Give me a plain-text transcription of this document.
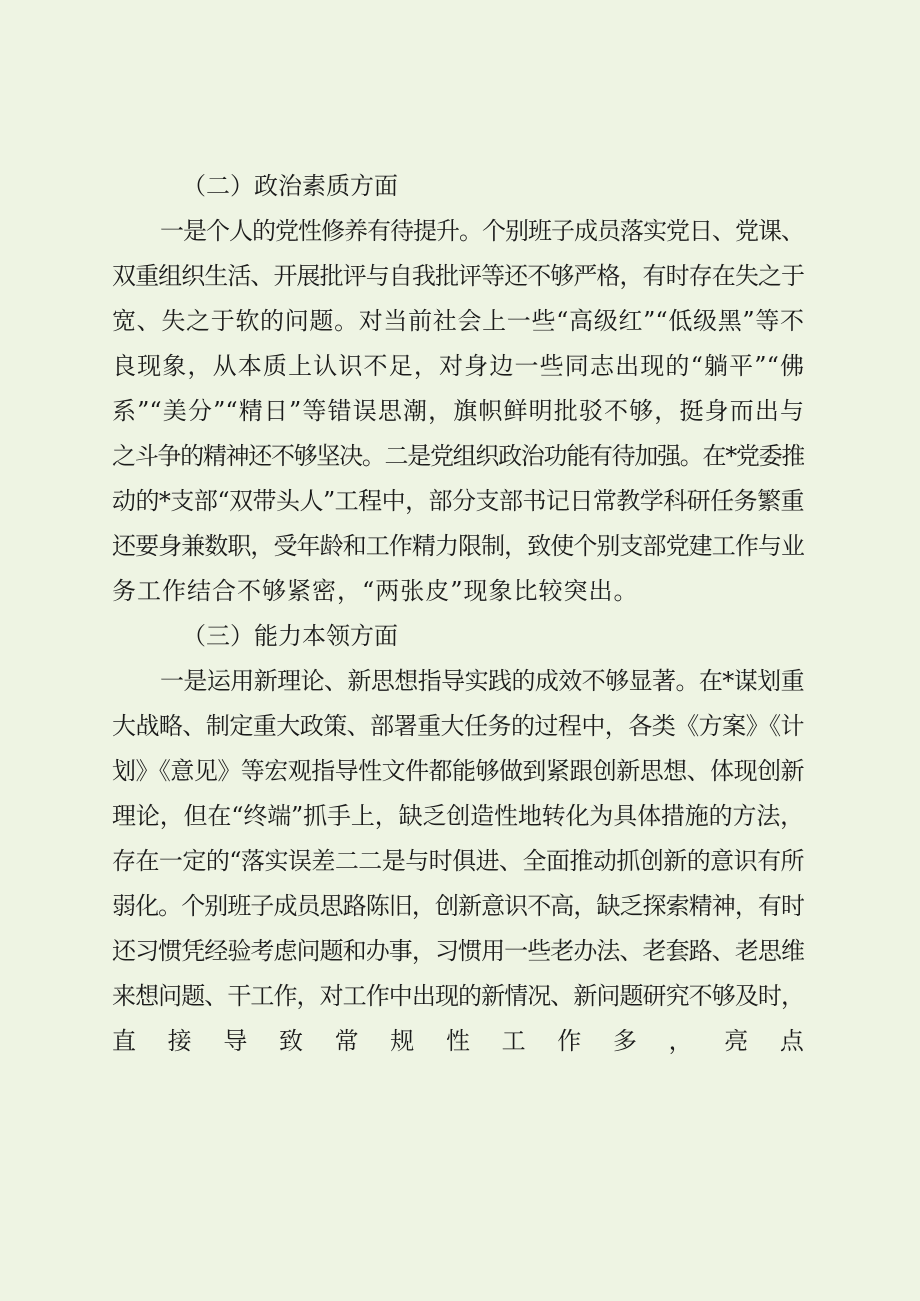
（二）政治素质方面
一是个人的党性修养有待提升。个别班子成员落实党日、党课、
双重组织生活、开展批评与自我批评等还不够严格，有时存在失之于
宽、失之于软的问题。对当前社会上一些“高级红”“低级黑”等不
良现象，从本质上认识不足，对身边一些同志出现的“躺平”“佛
系”“美分”“精日”等错误思潮，旗帜鲜明批驳不够，挺身而出与
之斗争的精神还不够坚决。二是党组织政治功能有待加强。在*党委推
动的*支部“双带头人”工程中，部分支部书记日常教学科研任务繁重
还要身兼数职，受年龄和工作精力限制，致使个别支部党建工作与业
务工作结合不够紧密，“两张皮”现象比较突出。
（三）能力本领方面
一是运用新理论、新思想指导实践的成效不够显著。在*谋划重
大战略、制定重大政策、部署重大任务的过程中，各类《方案》《计
划》《意见》等宏观指导性文件都能够做到紧跟创新思想、体现创新
理论，但在“终端”抓手上，缺乏创造性地转化为具体措施的方法，
存在一定的“落实误差二二是与时俱进、全面推动抓创新的意识有所
弱化。个别班子成员思路陈旧，创新意识不高，缺乏探索精神，有时
还习惯凭经验考虑问题和办事，习惯用一些老办法、老套路、老思维
来想问题、干工作，对工作中出现的新情况、新问题研究不够及时，
直 接 导 致 常 规 性 工 作 多 ， 亮 点
